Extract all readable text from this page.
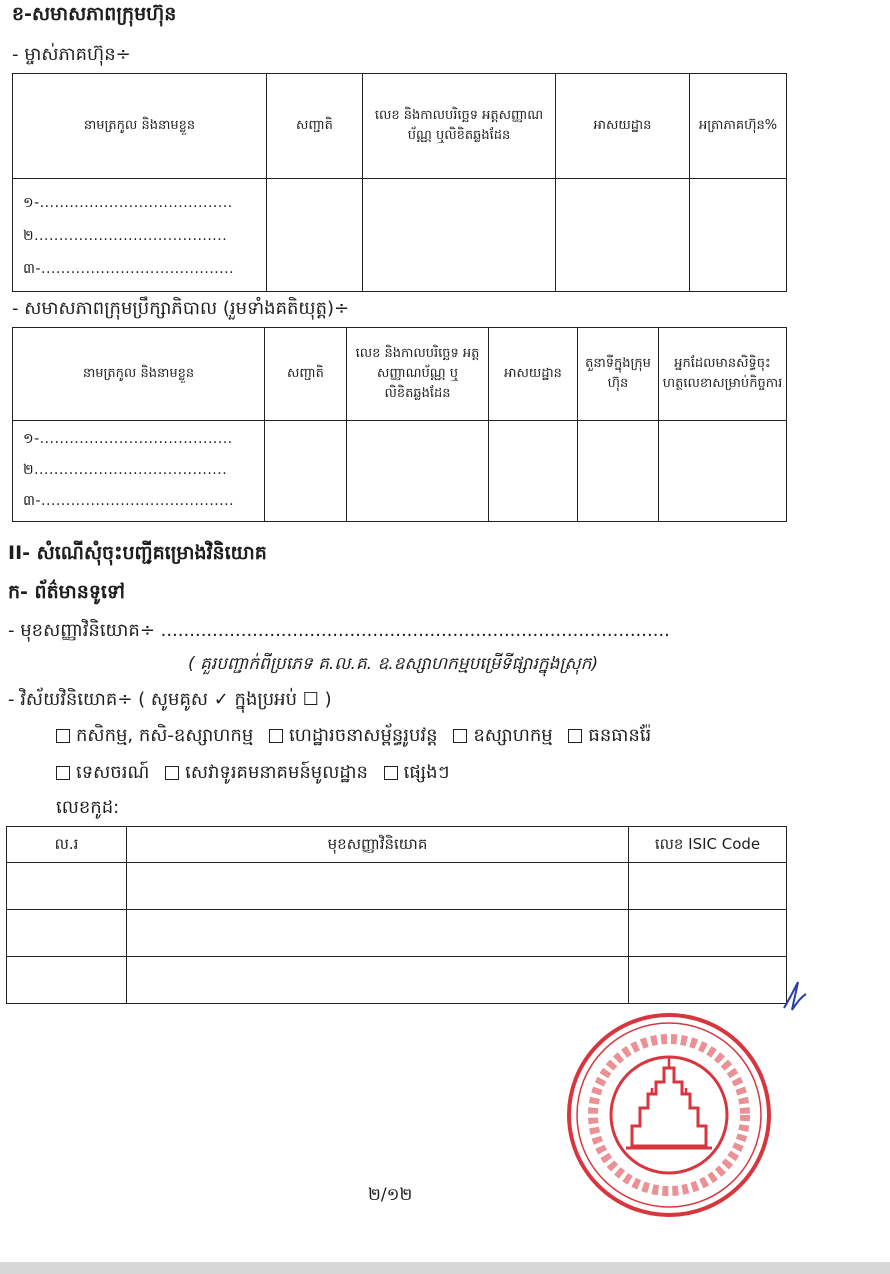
ខ-សមាសភាពក្រុមហ៊ុន
- ម្ចាស់ភាគហ៊ុន÷
នាមត្រកូល និងនាមខ្លួន	សញ្ជាតិ	លេខ និងកាលបរិច្ឆេទ អត្តសញ្ញាណប័ណ្ណ ឬលិខិតឆ្លងដែន	អាសយដ្ឋាន	អត្រាភាគហ៊ុន%

១-.......................................
២.......................................
៣-.......................................				

- សមាសភាពក្រុមប្រឹក្សាភិបាល (រួមទាំងគតិយុត្ត)÷
នាមត្រកូល និងនាមខ្លួន	សញ្ជាតិ	លេខ និងកាលបរិច្ឆេទ អត្តសញ្ញាណប័ណ្ណ ឬលិខិតឆ្លងដែន	អាសយដ្ឋាន	តួនាទីក្នុងក្រុមហ៊ុន	អ្នកដែលមានសិទ្ធិចុះហត្ថលេខាសម្រាប់កិច្ចការ

១-.......................................
២.......................................
៣-.......................................					

II- សំណើសុំចុះបញ្ជីគម្រោងវិនិយោគ
ក- ព័ត៌មានទូទៅ
- មុខសញ្ញាវិនិយោគ÷ .........................................................................................
( គួរបញ្ជាក់ពីប្រភេទ គ.ល.គ. ឧ.ឧស្សាហកម្មបម្រើទីផ្សារក្នុងស្រុក)
- វិស័យវិនិយោគ÷ ( សូមគូស ✓ ក្នុងប្រអប់ ☐ )
កសិកម្ម, កសិ-ឧស្សាហកម្ម ហេដ្ឋារចនាសម្ព័ន្ធរូបវន្ត ឧស្សាហកម្ម ធនធានរ៉ែ
ទេសចរណ៍ សេវាទូរគមនាគមន៍មូលដ្ឋាន ផ្សេងៗ
លេខកូដ:
ល.រ	មុខសញ្ញាវិនិយោគ	លេខ ISIC Code

២/១២
